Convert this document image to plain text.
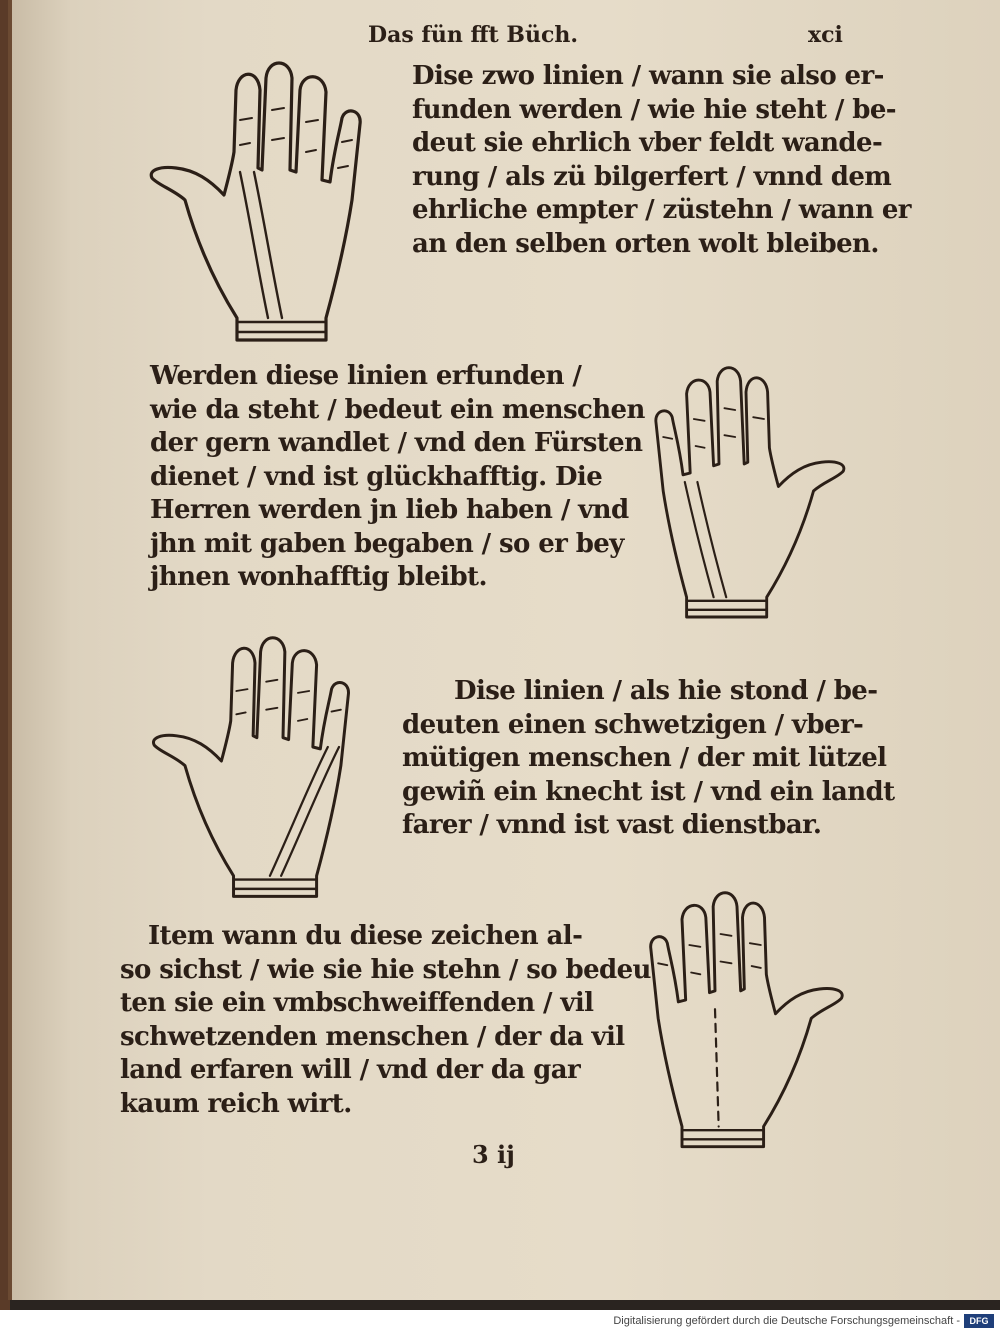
Das fün fft Büch.	xci
Dise zwo linien / wann sie also er-
funden werden / wie hie steht / be-
deut sie ehrlich vber feldt wande-
rung / als zü bilgerfert / vnnd dem
ehrliche empter / züstehn / wann er
an den selben orten wolt bleiben.
Werden diese linien erfunden /
wie da steht / bedeut ein menschen
der gern wandlet / vnd den Fürsten
dienet / vnd ist glückhafftig. Die
Herren werden jn lieb haben / vnd
jhn mit gaben begaben / so er bey
jhnen wonhafftig bleibt.
Dise linien / als hie stond / be-
deuten einen schwetzigen / vber-
mütigen menschen / der mit lützel
gewiñ ein knecht ist / vnd ein landt
farer / vnnd ist vast dienstbar.
Item wann du diese zeichen al-
so sichst / wie sie hie stehn / so bedeu
ten sie ein vmbschweiffenden / vil
schwetzenden menschen / der da vil
land erfaren will / vnd der da gar
kaum reich wirt.
3 ij
Digitalisierung gefördert durch die Deutsche Forschungsgemeinschaft -	DFG
